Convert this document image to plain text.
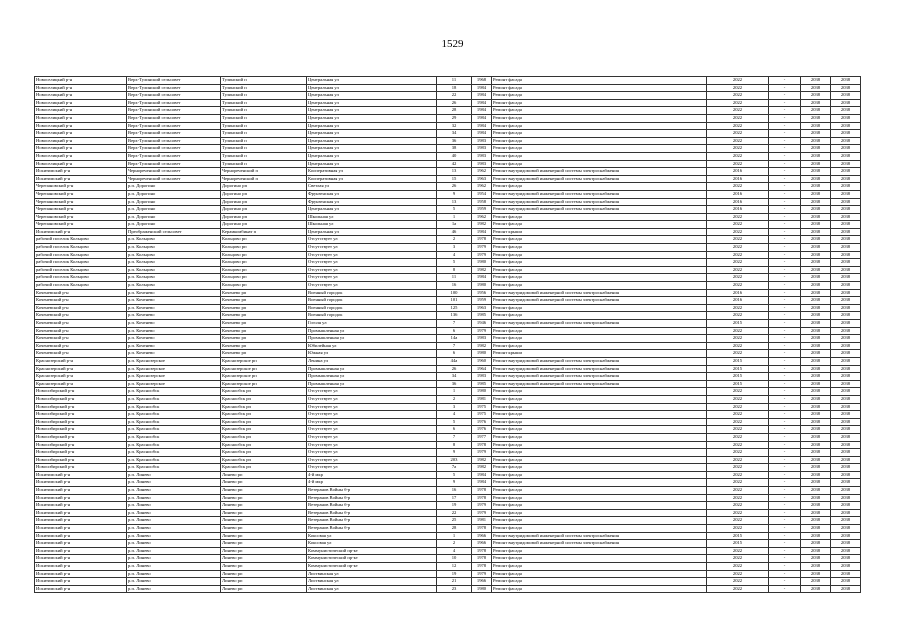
1529
Новоселицкий р-н	Верх-Тулинский сельсовет	Тулинский п	Центральная ул	11	1968	Ремонт фасада	2022	-	2038	2038
Новоселицкий р-н	Верх-Тулинский сельсовет	Тулинский п	Центральная ул	18	1984	Ремонт фасада	2022	-	2038	2038
Новоселицкий р-н	Верх-Тулинский сельсовет	Тулинский п	Центральная ул	22	1984	Ремонт фасада	2022	-	2038	2038
Новоселицкий р-н	Верх-Тулинский сельсовет	Тулинский п	Центральная ул	26	1984	Ремонт фасада	2022	-	2038	2038
Новоселицкий р-н	Верх-Тулинский сельсовет	Тулинский п	Центральная ул	28	1984	Ремонт фасада	2022	-	2038	2038
Новоселицкий р-н	Верх-Тулинский сельсовет	Тулинский п	Центральная ул	29	1984	Ремонт фасада	2022	-	2038	2038
Новоселицкий р-н	Верх-Тулинский сельсовет	Тулинский п	Центральная ул	32	1984	Ремонт фасада	2022	-	2038	2038
Новоселицкий р-н	Верх-Тулинский сельсовет	Тулинский п	Центральная ул	34	1984	Ремонт фасада	2022	-	2038	2038
Новоселицкий р-н	Верх-Тулинский сельсовет	Тулинский п	Центральная ул	36	1983	Ремонт фасада	2022	-	2038	2038
Новоселицкий р-н	Верх-Тулинский сельсовет	Тулинский п	Центральная ул	38	1983	Ремонт фасада	2022	-	2038	2038
Новоселицкий р-н	Верх-Тулинский сельсовет	Тулинский п	Центральная ул	40	1983	Ремонт фасада	2022	-	2038	2038
Новоселицкий р-н	Верх-Тулинский сельсовет	Тулинский п	Центральная ул	42	1983	Ремонт фасада	2022	-	2038	2038
Искитимский р-н	Чернореченский сельсовет	Чернореченский п	Кооперативная ул	13	1962	Ремонт внутридомовой инженерной системы электроснабжения	2016	-	2038	2038
Искитимский р-н	Чернореченский сельсовет	Чернореченский п	Кооперативная ул	15	1963	Ремонт внутридомовой инженерной системы электроснабжения	2016	-	2038	2038
Черепановский р-н	р.п. Дорогино	Дорогино рп	Светлая ул	26	1962	Ремонт фасада	2022	-	2038	2038
Черепановский р-н	р.п. Дорогино	Дорогино рп	Фрунзенская ул	9	1954	Ремонт внутридомовой инженерной системы электроснабжения	2016	-	2038	2038
Черепановский р-н	р.п. Дорогино	Дорогино рп	Фрунзенская ул	13	1958	Ремонт внутридомовой инженерной системы электроснабжения	2016	-	2038	2038
Черепановский р-н	р.п. Дорогино	Дорогино рп	Центральная ул	5	1959	Ремонт внутридомовой инженерной системы электроснабжения	2016	-	2038	2038
Черепановский р-н	р.п. Дорогино	Дорогино рп	Школьная ул	1	1962	Ремонт фасада	2022	-	2038	2038
Черепановский р-н	р.п. Дорогино	Дорогино рп	Школьная ул	1а	1982	Ремонт фасада	2022	-	2038	2038
Искитимский р-н	Преображенский сельсовет	Керамкомбинат п	Центральная ул	46	1984	Ремонт крыши	2022	-	2038	2038
рабочий поселок Кольцово	р.п. Кольцово	Кольцово рп	Отсутствует ул	2	1978	Ремонт фасада	2022	-	2038	2038
рабочий поселок Кольцово	р.п. Кольцово	Кольцово рп	Отсутствует ул	3	1979	Ремонт фасада	2022	-	2038	2038
рабочий поселок Кольцово	р.п. Кольцово	Кольцово рп	Отсутствует ул	4	1979	Ремонт фасада	2022	-	2038	2038
рабочий поселок Кольцово	р.п. Кольцово	Кольцово рп	Отсутствует ул	5	1980	Ремонт фасада	2022	-	2038	2038
рабочий поселок Кольцово	р.п. Кольцово	Кольцово рп	Отсутствует ул	8	1982	Ремонт фасада	2022	-	2038	2038
рабочий поселок Кольцово	р.п. Кольцово	Кольцово рп	Отсутствует ул	11	1984	Ремонт фасада	2022	-	2038	2038
рабочий поселок Кольцово	р.п. Кольцово	Кольцово рп	Отсутствует ул	16	1980	Ремонт фасада	2022	-	2038	2038
Коченевский р-н	р.п. Коченево	Коченево рп	Военный городок	100	1956	Ремонт внутридомовой инженерной системы электроснабжения	2016	-	2038	2038
Коченевский р-н	р.п. Коченево	Коченево рп	Военный городок	101	1959	Ремонт внутридомовой инженерной системы электроснабжения	2016	-	2038	2038
Коченевский р-н	р.п. Коченево	Коченево рп	Военный городок	125	1963	Ремонт фасада	2022	-	2038	2038
Коченевский р-н	р.п. Коченево	Коченево рп	Военный городок	136	1985	Ремонт фасада	2022	-	2038	2038
Коченевский р-н	р.п. Коченево	Коченево рп	Гоголя ул	7	1946	Ремонт внутридомовой инженерной системы электроснабжения	2015	-	2038	2038
Коченевский р-н	р.п. Коченево	Коченево рп	Промышленная ул	6	1979	Ремонт фасада	2022	-	2038	2038
Коченевский р-н	р.п. Коченево	Коченево рп	Промышленная ул	14а	1983	Ремонт фасада	2022	-	2038	2038
Коченевский р-н	р.п. Коченево	Коченево рп	Юбилейная ул	7	1982	Ремонт фасада	2022	-	2038	2038
Коченевский р-н	р.п. Коченево	Коченево рп	Южная ул	6	1980	Ремонт крыши	2022	-	2038	2038
Краснозерский р-н	р.п. Краснозерское	Краснозерское рп	Ленина ул	44а	1960	Ремонт внутридомовой инженерной системы электроснабжения	2015	-	2038	2038
Краснозерский р-н	р.п. Краснозерское	Краснозерское рп	Промышленная ул	26	1964	Ремонт внутридомовой инженерной системы электроснабжения	2015	-	2038	2038
Краснозерский р-н	р.п. Краснозерское	Краснозерское рп	Промышленная ул	34	1983	Ремонт внутридомовой инженерной системы электроснабжения	2015	-	2038	2038
Краснозерский р-н	р.п. Краснозерское	Краснозерское рп	Промышленная ул	36	1985	Ремонт внутридомовой инженерной системы электроснабжения	2015	-	2038	2038
Новосибирский р-н	р.п. Краснообск	Краснообск рп	Отсутствует ул	1	1980	Ремонт фасада	2022	-	2038	2038
Новосибирский р-н	р.п. Краснообск	Краснообск рп	Отсутствует ул	2	1981	Ремонт фасада	2022	-	2038	2038
Новосибирский р-н	р.п. Краснообск	Краснообск рп	Отсутствует ул	3	1975	Ремонт фасада	2022	-	2038	2038
Новосибирский р-н	р.п. Краснообск	Краснообск рп	Отсутствует ул	4	1975	Ремонт фасада	2022	-	2038	2038
Новосибирский р-н	р.п. Краснообск	Краснообск рп	Отсутствует ул	5	1976	Ремонт фасада	2022	-	2038	2038
Новосибирский р-н	р.п. Краснообск	Краснообск рп	Отсутствует ул	6	1976	Ремонт фасада	2022	-	2038	2038
Новосибирский р-н	р.п. Краснообск	Краснообск рп	Отсутствует ул	7	1977	Ремонт фасада	2022	-	2038	2038
Новосибирский р-н	р.п. Краснообск	Краснообск рп	Отсутствует ул	8	1978	Ремонт фасада	2022	-	2038	2038
Новосибирский р-н	р.п. Краснообск	Краснообск рп	Отсутствует ул	9	1979	Ремонт фасада	2022	-	2038	2038
Новосибирский р-н	р.п. Краснообск	Краснообск рп	Отсутствует ул	203	1982	Ремонт фасада	2022	-	2038	2038
Новосибирский р-н	р.п. Краснообск	Краснообск рп	Отсутствует ул	7а	1982	Ремонт фасада	2022	-	2038	2038
Искитимский р-н	р.п. Линево	Линево рп	4-й мкр	5	1984	Ремонт фасада	2022	-	2038	2038
Искитимский р-н	р.п. Линево	Линево рп	4-й мкр	9	1984	Ремонт фасада	2022	-	2038	2038
Искитимский р-н	р.п. Линево	Линево рп	Ветеранов Войны б-р	16	1978	Ремонт фасада	2022	-	2038	2038
Искитимский р-н	р.п. Линево	Линево рп	Ветеранов Войны б-р	17	1978	Ремонт фасада	2022	-	2038	2038
Искитимский р-н	р.п. Линево	Линево рп	Ветеранов Войны б-р	19	1979	Ремонт фасада	2022	-	2038	2038
Искитимский р-н	р.п. Линево	Линево рп	Ветеранов Войны б-р	22	1979	Ремонт фасада	2022	-	2038	2038
Искитимский р-н	р.п. Линево	Линево рп	Ветеранов Войны б-р	25	1981	Ремонт фасада	2022	-	2038	2038
Искитимский р-н	р.п. Линево	Линево рп	Ветеранов Войны б-р	28	1978	Ремонт фасада	2022	-	2038	2038
Искитимский р-н	р.п. Линево	Линево рп	Коксовая ул	1	1966	Ремонт внутридомовой инженерной системы электроснабжения	2015	-	2038	2038
Искитимский р-н	р.п. Линево	Линево рп	Коксовая ул	2	1966	Ремонт внутридомовой инженерной системы электроснабжения	2015	-	2038	2038
Искитимский р-н	р.п. Линево	Линево рп	Коммунистический пр-кт	4	1978	Ремонт фасада	2022	-	2038	2038
Искитимский р-н	р.п. Линево	Линево рп	Коммунистический пр-кт	10	1978	Ремонт фасада	2022	-	2038	2038
Искитимский р-н	р.п. Линево	Линево рп	Коммунистический пр-кт	12	1978	Ремонт фасада	2022	-	2038	2038
Искитимский р-н	р.п. Линево	Линево рп	Листвинская ул	19	1979	Ремонт фасада	2022	-	2038	2038
Искитимский р-н	р.п. Линево	Линево рп	Листвинская ул	21	1966	Ремонт фасада	2022	-	2038	2038
Искитимский р-н	р.п. Линево	Линево рп	Листвинская ул	23	1980	Ремонт фасада	2022	-	2038	2038
